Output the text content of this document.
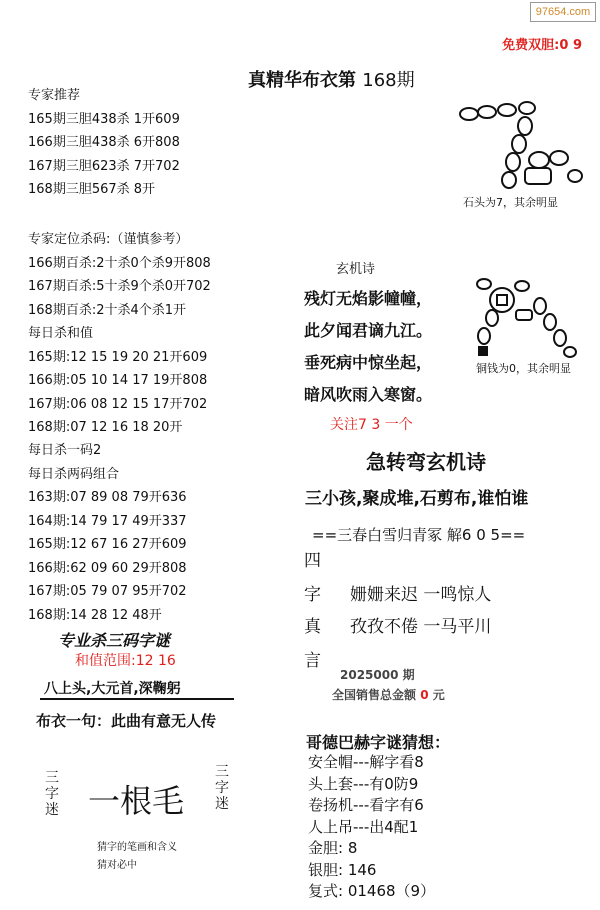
97654.com
免费双胆:0 9
真精华布衣第 168期
专家推荐
165期三胆438杀 1开609
166期三胆438杀 6开808
167期三胆623杀 7开702
168期三胆567杀 8开
专家定位杀码:（谨慎参考）
166期百杀:2十杀0个杀9开808
167期百杀:5十杀9个杀0开702
168期百杀:2十杀4个杀1开
每日杀和值
165期:12 15 19 20 21开609
166期:05 10 14 17 19开808
167期:06 08 12 15 17开702
168期:07 12 16 18 20开
每日杀一码2
每日杀两码组合
163期:07 89 08 79开636
164期:14 79 17 49开337
165期:12 67 16 27开609
166期:62 09 60 29开808
167期:05 79 07 95开702
168期:14 28 12 48开
专业杀三码字谜
和值范围:12 16
八上头,大元首,深鞠躬
布衣一句：此曲有意无人传
三字迷 一根毛
三字迷
猜字的笔画和含义
猜对必中
石头为7，其余明显
铜钱为0，其余明显
玄机诗
残灯无焰影幢幢，
此夕闻君谪九江。
垂死病中惊坐起，
暗风吹雨入寒窗。
关注7 3 一个
急转弯玄机诗
三小孩,聚成堆,石剪布,谁怕谁
==三春白雪归青冢 解6 0 5==
四
字
真
言
姗姗来迟 一鸣惊人
孜孜不倦 一马平川
2025000 期
全国销售总金额 0 元
哥德巴赫字谜猜想：
安全帽---解字看8
头上套---有0防9
卷扬机---看字有6
人上吊---出4配1
金胆: 8
银胆: 146
复式: 01468（9）
